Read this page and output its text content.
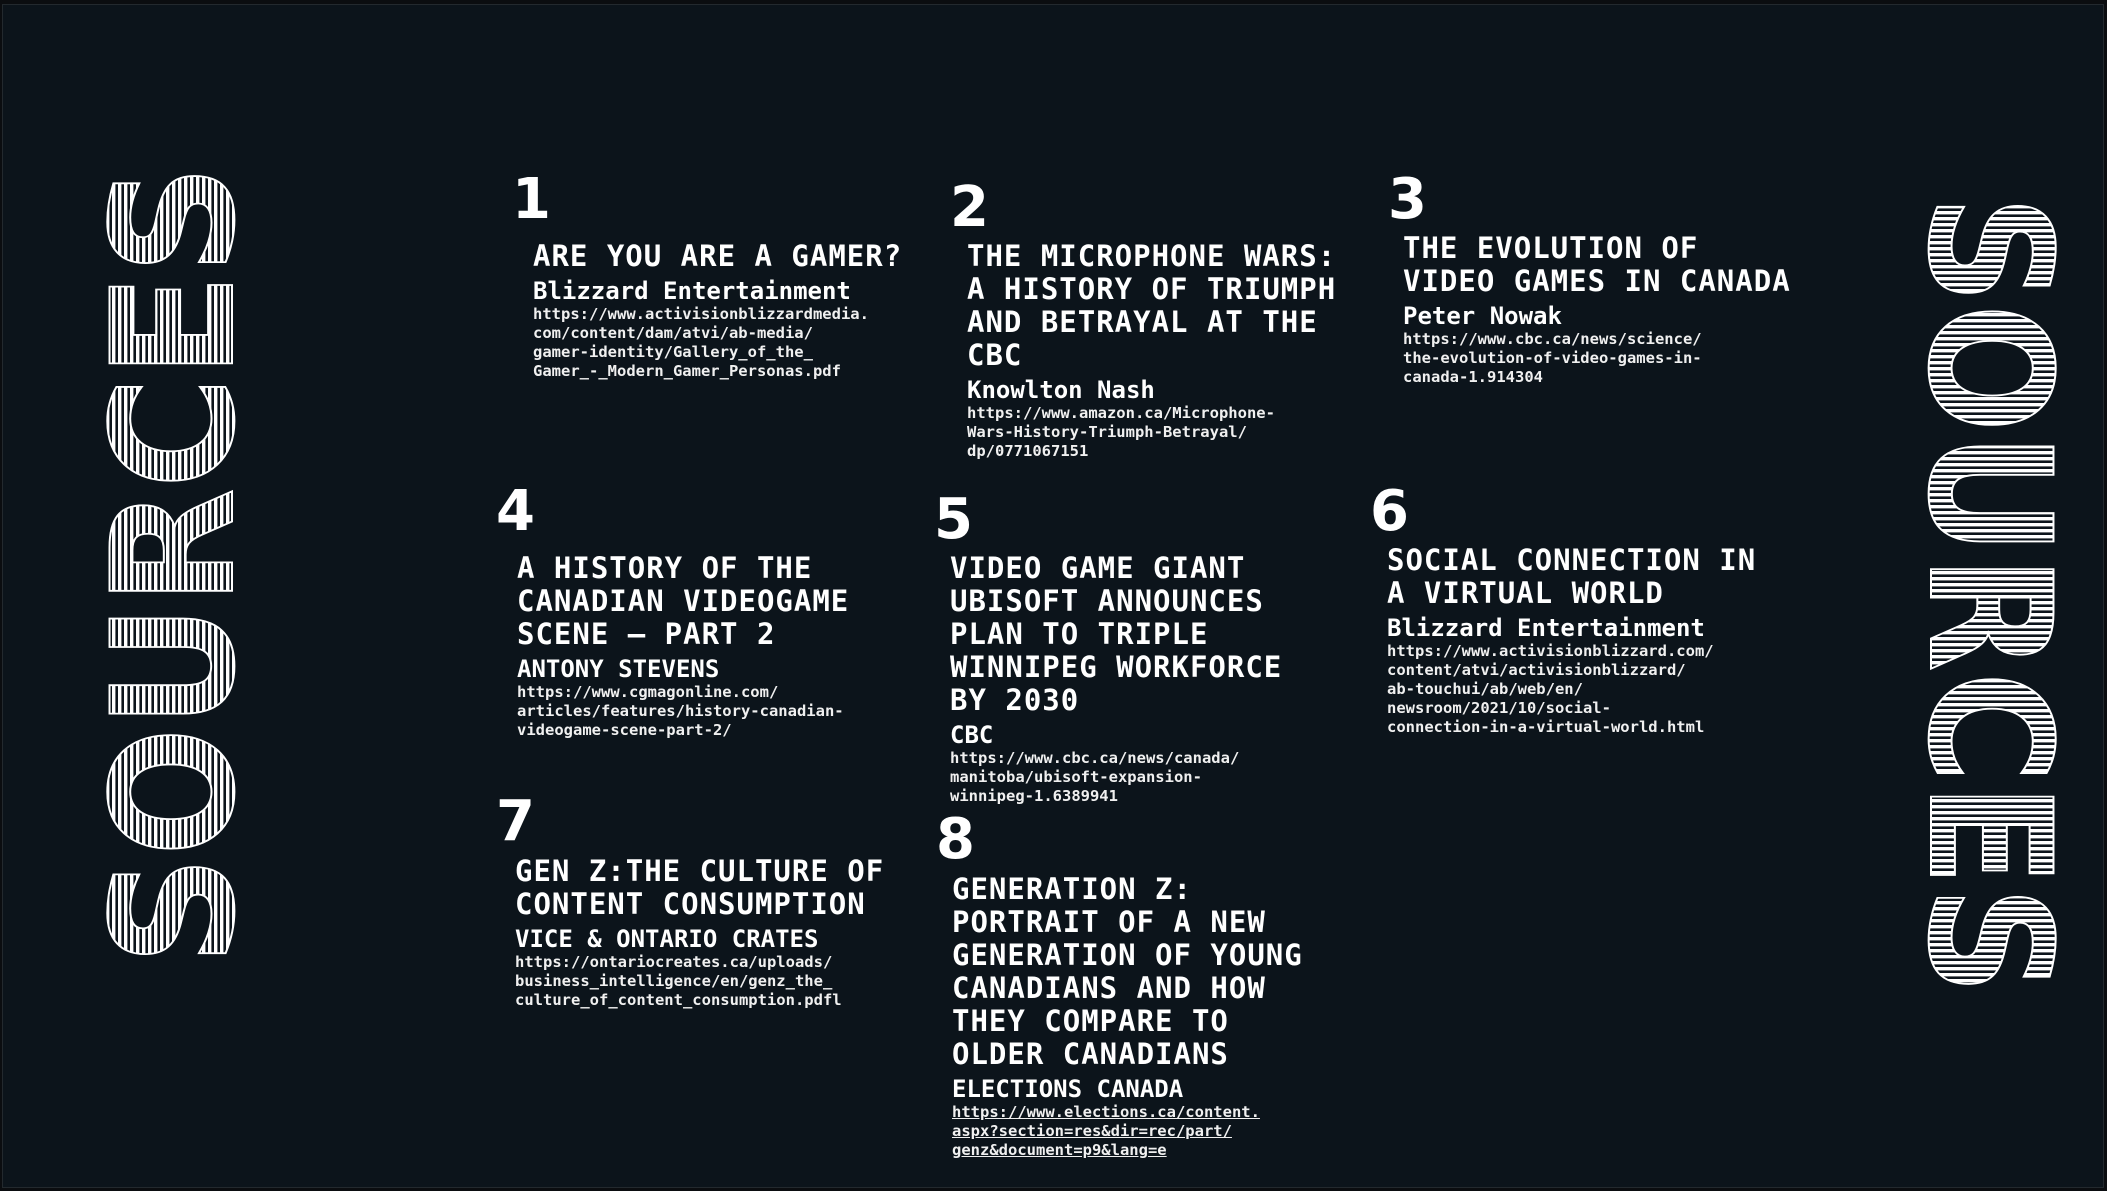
SOURCES	SOURCES
1
ARE YOU ARE A GAMER?
Blizzard Entertainment
https://www.activisionblizzardmedia.
com/content/dam/atvi/ab-media/
gamer-identity/Gallery_of_the_
Gamer_-_Modern_Gamer_Personas.pdf
2
THE MICROPHONE WARS:
A HISTORY OF TRIUMPH
AND BETRAYAL AT THE
CBC
Knowlton Nash
https://www.amazon.ca/Microphone-
Wars-History-Triumph-Betrayal/
dp/0771067151
3
THE EVOLUTION OF
VIDEO GAMES IN CANADA
Peter Nowak
https://www.cbc.ca/news/science/
the-evolution-of-video-games-in-
canada-1.914304
4
A HISTORY OF THE
CANADIAN VIDEOGAME
SCENE – PART 2
ANTONY STEVENS
https://www.cgmagonline.com/
articles/features/history-canadian-
videogame-scene-part-2/
5
VIDEO GAME GIANT
UBISOFT ANNOUNCES
PLAN TO TRIPLE
WINNIPEG WORKFORCE
BY 2030
CBC
https://www.cbc.ca/news/canada/
manitoba/ubisoft-expansion-
winnipeg-1.6389941
6
SOCIAL CONNECTION IN
A VIRTUAL WORLD
Blizzard Entertainment
https://www.activisionblizzard.com/
content/atvi/activisionblizzard/
ab-touchui/ab/web/en/
newsroom/2021/10/social-
connection-in-a-virtual-world.html
7
GEN Z:THE CULTURE OF
CONTENT CONSUMPTION
VICE & ONTARIO CRATES
https://ontariocreates.ca/uploads/
business_intelligence/en/genz_the_
culture_of_content_consumption.pdfl
8
GENERATION Z:
PORTRAIT OF A NEW
GENERATION OF YOUNG
CANADIANS AND HOW
THEY COMPARE TO
OLDER CANADIANS
ELECTIONS CANADA
https://www.elections.ca/content.
aspx?section=res&dir=rec/part/
genz&document=p9&lang=e
